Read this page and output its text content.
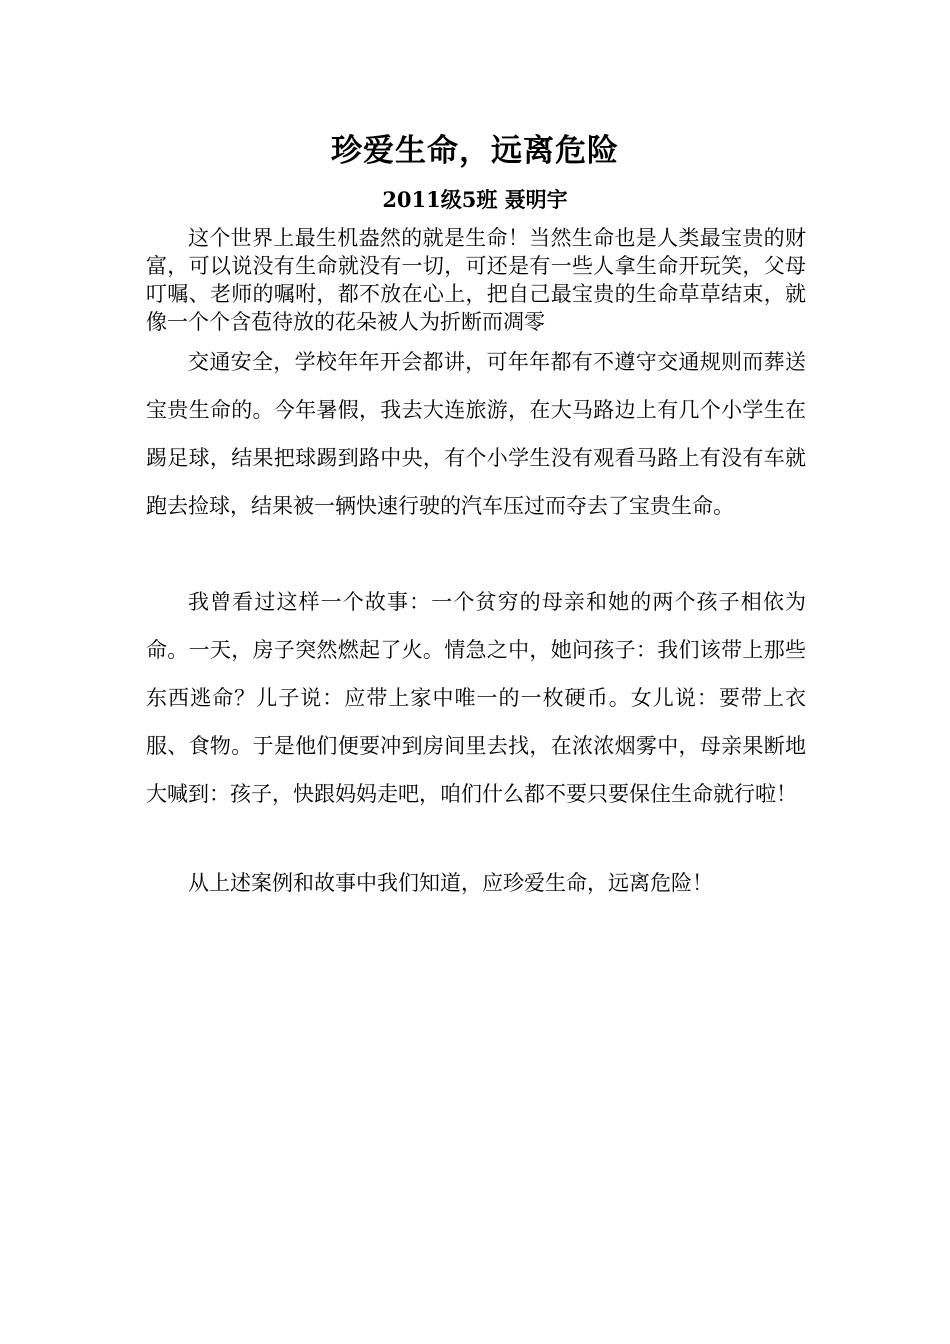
珍爱生命，远离危险
2011级5班 聂明宇

这个世界上最生机盎然的就是生命！当然生命也是人类最宝贵的财富，可以说没有生命就没有一切，可还是有一些人拿生命开玩笑，父母叮嘱、老师的嘱咐，都不放在心上，把自己最宝贵的生命草草结束，就像一个个含苞待放的花朵被人为折断而凋零

交通安全，学校年年开会都讲，可年年都有不遵守交通规则而葬送宝贵生命的。今年暑假，我去大连旅游，在大马路边上有几个小学生在踢足球，结果把球踢到路中央，有个小学生没有观看马路上有没有车就跑去捡球，结果被一辆快速行驶的汽车压过而夺去了宝贵生命。

我曾看过这样一个故事：一个贫穷的母亲和她的两个孩子相依为命。一天，房子突然燃起了火。情急之中，她问孩子：我们该带上那些东西逃命？儿子说：应带上家中唯一的一枚硬币。女儿说：要带上衣服、食物。于是他们便要冲到房间里去找，在浓浓烟雾中，母亲果断地大喊到：孩子，快跟妈妈走吧，咱们什么都不要只要保住生命就行啦！

从上述案例和故事中我们知道，应珍爱生命，远离危险！
